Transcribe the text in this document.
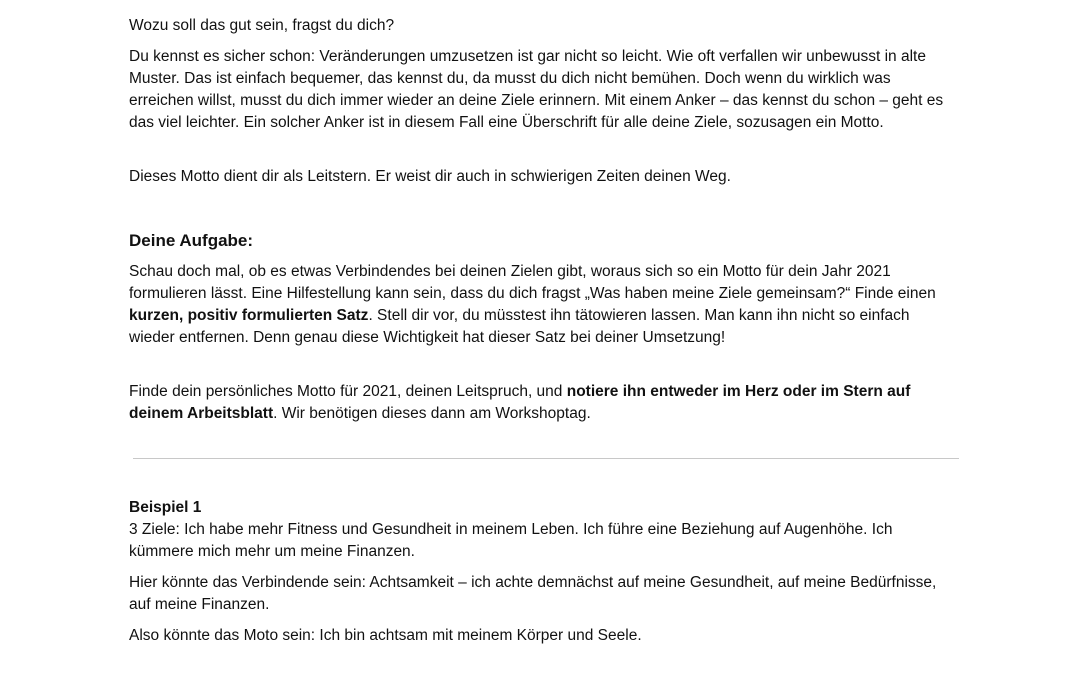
Wozu soll das gut sein, fragst du dich?

Du kennst es sicher schon: Veränderungen umzusetzen ist gar nicht so leicht. Wie oft verfallen wir unbewusst in alte Muster. Das ist einfach bequemer, das kennst du, da musst du dich nicht bemühen. Doch wenn du wirklich was erreichen willst, musst du dich immer wieder an deine Ziele erinnern. Mit einem Anker – das kennst du schon – geht es das viel leichter. Ein solcher Anker ist in diesem Fall eine Überschrift für alle deine Ziele, sozusagen ein Motto.

Dieses Motto dient dir als Leitstern. Er weist dir auch in schwierigen Zeiten deinen Weg.

Deine Aufgabe:

Schau doch mal, ob es etwas Verbindendes bei deinen Zielen gibt, woraus sich so ein Motto für dein Jahr 2021 formulieren lässt. Eine Hilfestellung kann sein, dass du dich fragst „Was haben meine Ziele gemeinsam?“ Finde einen kurzen, positiv formulierten Satz. Stell dir vor, du müsstest ihn tätowieren lassen. Man kann ihn nicht so einfach wieder entfernen. Denn genau diese Wichtigkeit hat dieser Satz bei deiner Umsetzung!

Finde dein persönliches Motto für 2021, deinen Leitspruch, und notiere ihn entweder im Herz oder im Stern auf deinem Arbeitsblatt. Wir benötigen dieses dann am Workshoptag.

Beispiel 1

3 Ziele: Ich habe mehr Fitness und Gesundheit in meinem Leben. Ich führe eine Beziehung auf Augenhöhe. Ich kümmere mich mehr um meine Finanzen.

Hier könnte das Verbindende sein: Achtsamkeit – ich achte demnächst auf meine Gesundheit, auf meine Bedürfnisse, auf meine Finanzen.

Also könnte das Moto sein: Ich bin achtsam mit meinem Körper und Seele.
